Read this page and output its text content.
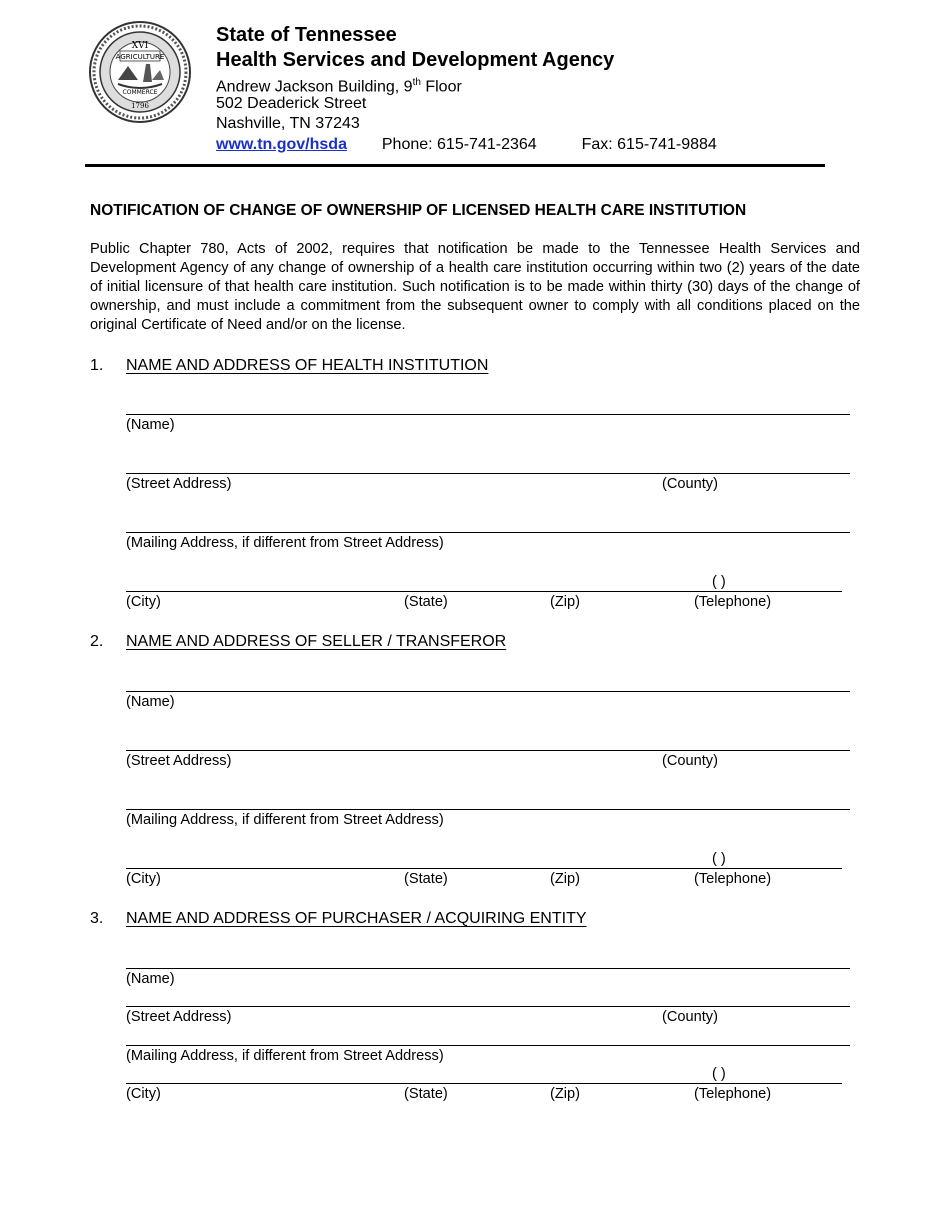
XVI
AGRICULTURE
COMMERCE
1796
State of Tennessee
Health Services and Development Agency
Andrew Jackson Building, 9th Floor
502 Deaderick Street
Nashville, TN 37243
www.tn.gov/hsda Phone: 615-741-2364	Fax: 615-741-9884
NOTIFICATION OF CHANGE OF OWNERSHIP OF LICENSED HEALTH CARE INSTITUTION
Public Chapter 780, Acts of 2002, requires that notification be made to the Tennessee Health Services and Development Agency of any change of ownership of a health care institution occurring within two (2) years of the date of initial licensure of that health care institution. Such notification is to be made within thirty (30) days of the change of ownership, and must include a commitment from the subsequent owner to comply with all conditions placed on the original Certificate of Need and/or on the license.
1. NAME AND ADDRESS OF HEALTH INSTITUTION
(Name)
(Street Address)	(County)
(Mailing Address, if different from Street Address)
( )
(City)	(State)	(Zip)	(Telephone)
2. NAME AND ADDRESS OF SELLER / TRANSFEROR
(Name)
(Street Address)	(County)
(Mailing Address, if different from Street Address)
( )
(City)	(State)	(Zip)	(Telephone)
3. NAME AND ADDRESS OF PURCHASER / ACQUIRING ENTITY
(Name)
(Street Address)	(County)
(Mailing Address, if different from Street Address)
( )
(City)	(State)	(Zip)	(Telephone)
